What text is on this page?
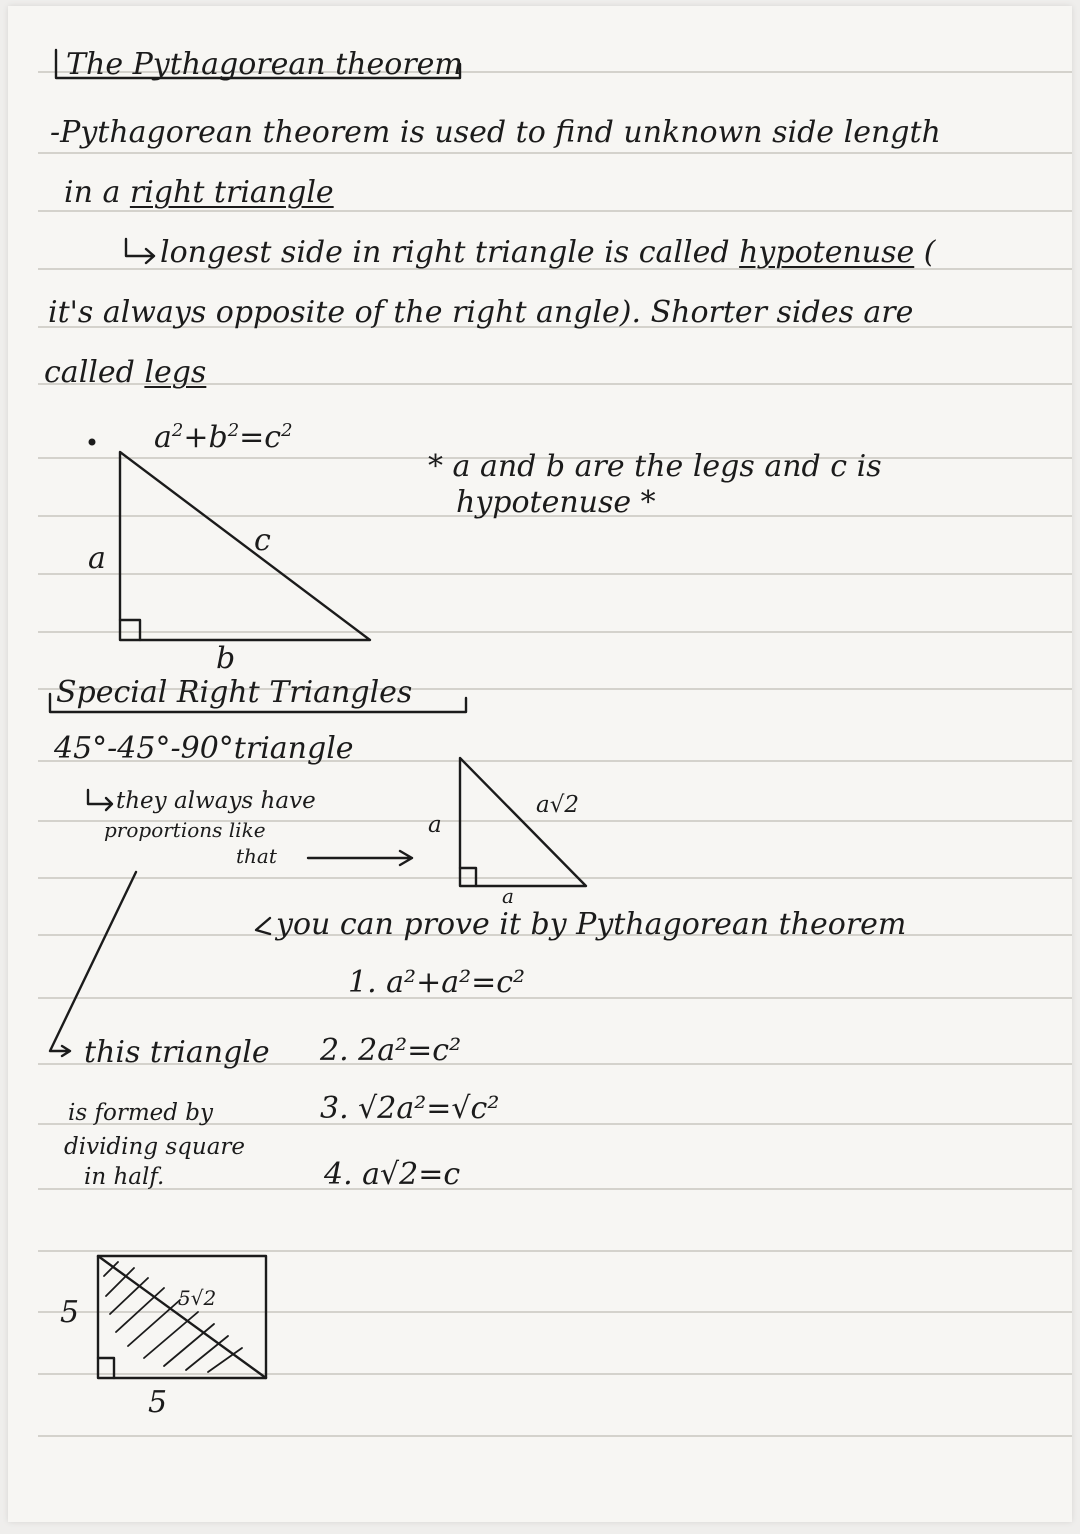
The Pythagorean theorem
-Pythagorean theorem is used to find unknown side length
in a right triangle
longest side in right triangle is called hypotenuse (
it's always opposite of the right angle). Shorter sides are
called legs
$a^2+b^2=c^2$
a
c
b
* a and b are the legs and c is
hypotenuse *
Special Right Triangles
45°-45°-90°triangle
they always have
proportions like
that
a
a
a√2
you can prove it by Pythagorean theorem
1. a²+a²=c²
2. 2a²=c²
3. √2a²=√c²
4. a√2=c
this triangle
is formed by
dividing square
in half.
5
5
5√2
